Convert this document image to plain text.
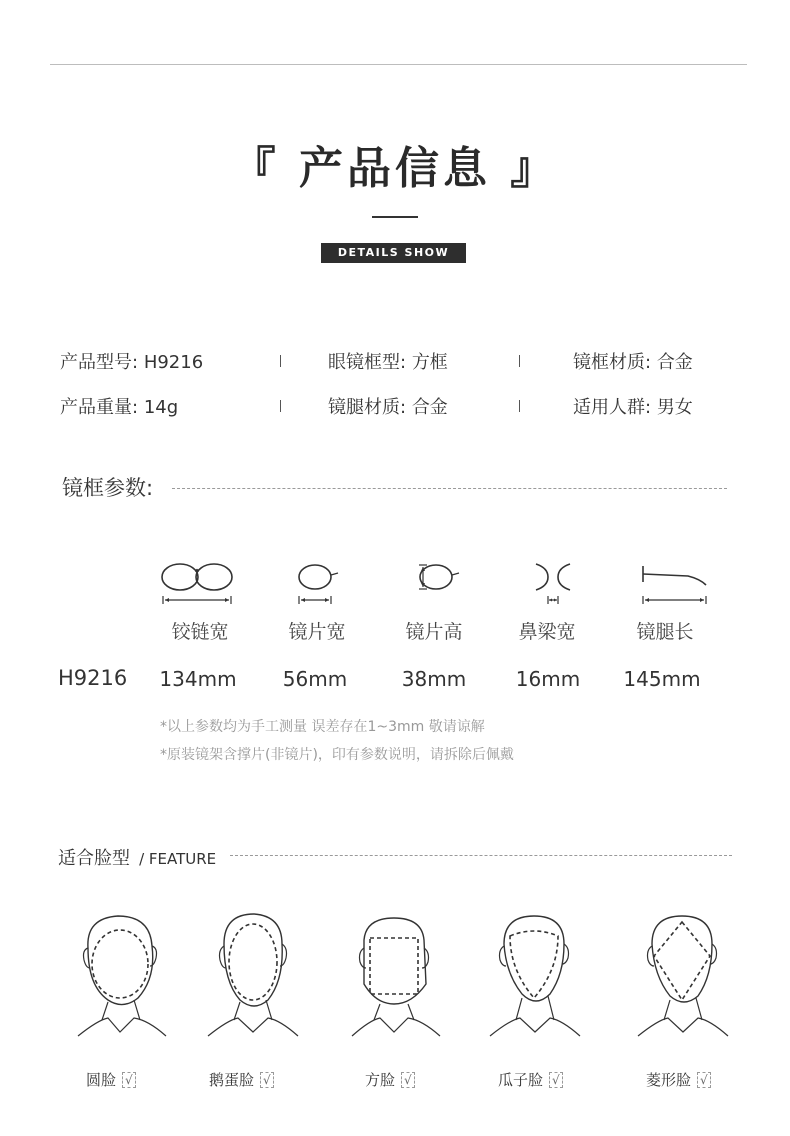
『 产品信息 』
DETAILS SHOW
产品型号: H9216	眼镜框型: 方框	镜框材质: 合金
产品重量: 14g	镜腿材质: 合金	适用人群: 男女
镜框参数:
铰链宽	镜片宽	镜片高	鼻梁宽	镜腿长
H9216	134mm	56mm	38mm	16mm	145mm
*以上参数均为手工测量 误差存在1~3mm 敬请谅解
*原装镜架含撑片(非镜片)，印有参数说明，请拆除后佩戴
适合脸型 / FEATURE
圆脸 √	鹅蛋脸 √	方脸 √	瓜子脸 √	菱形脸 √
